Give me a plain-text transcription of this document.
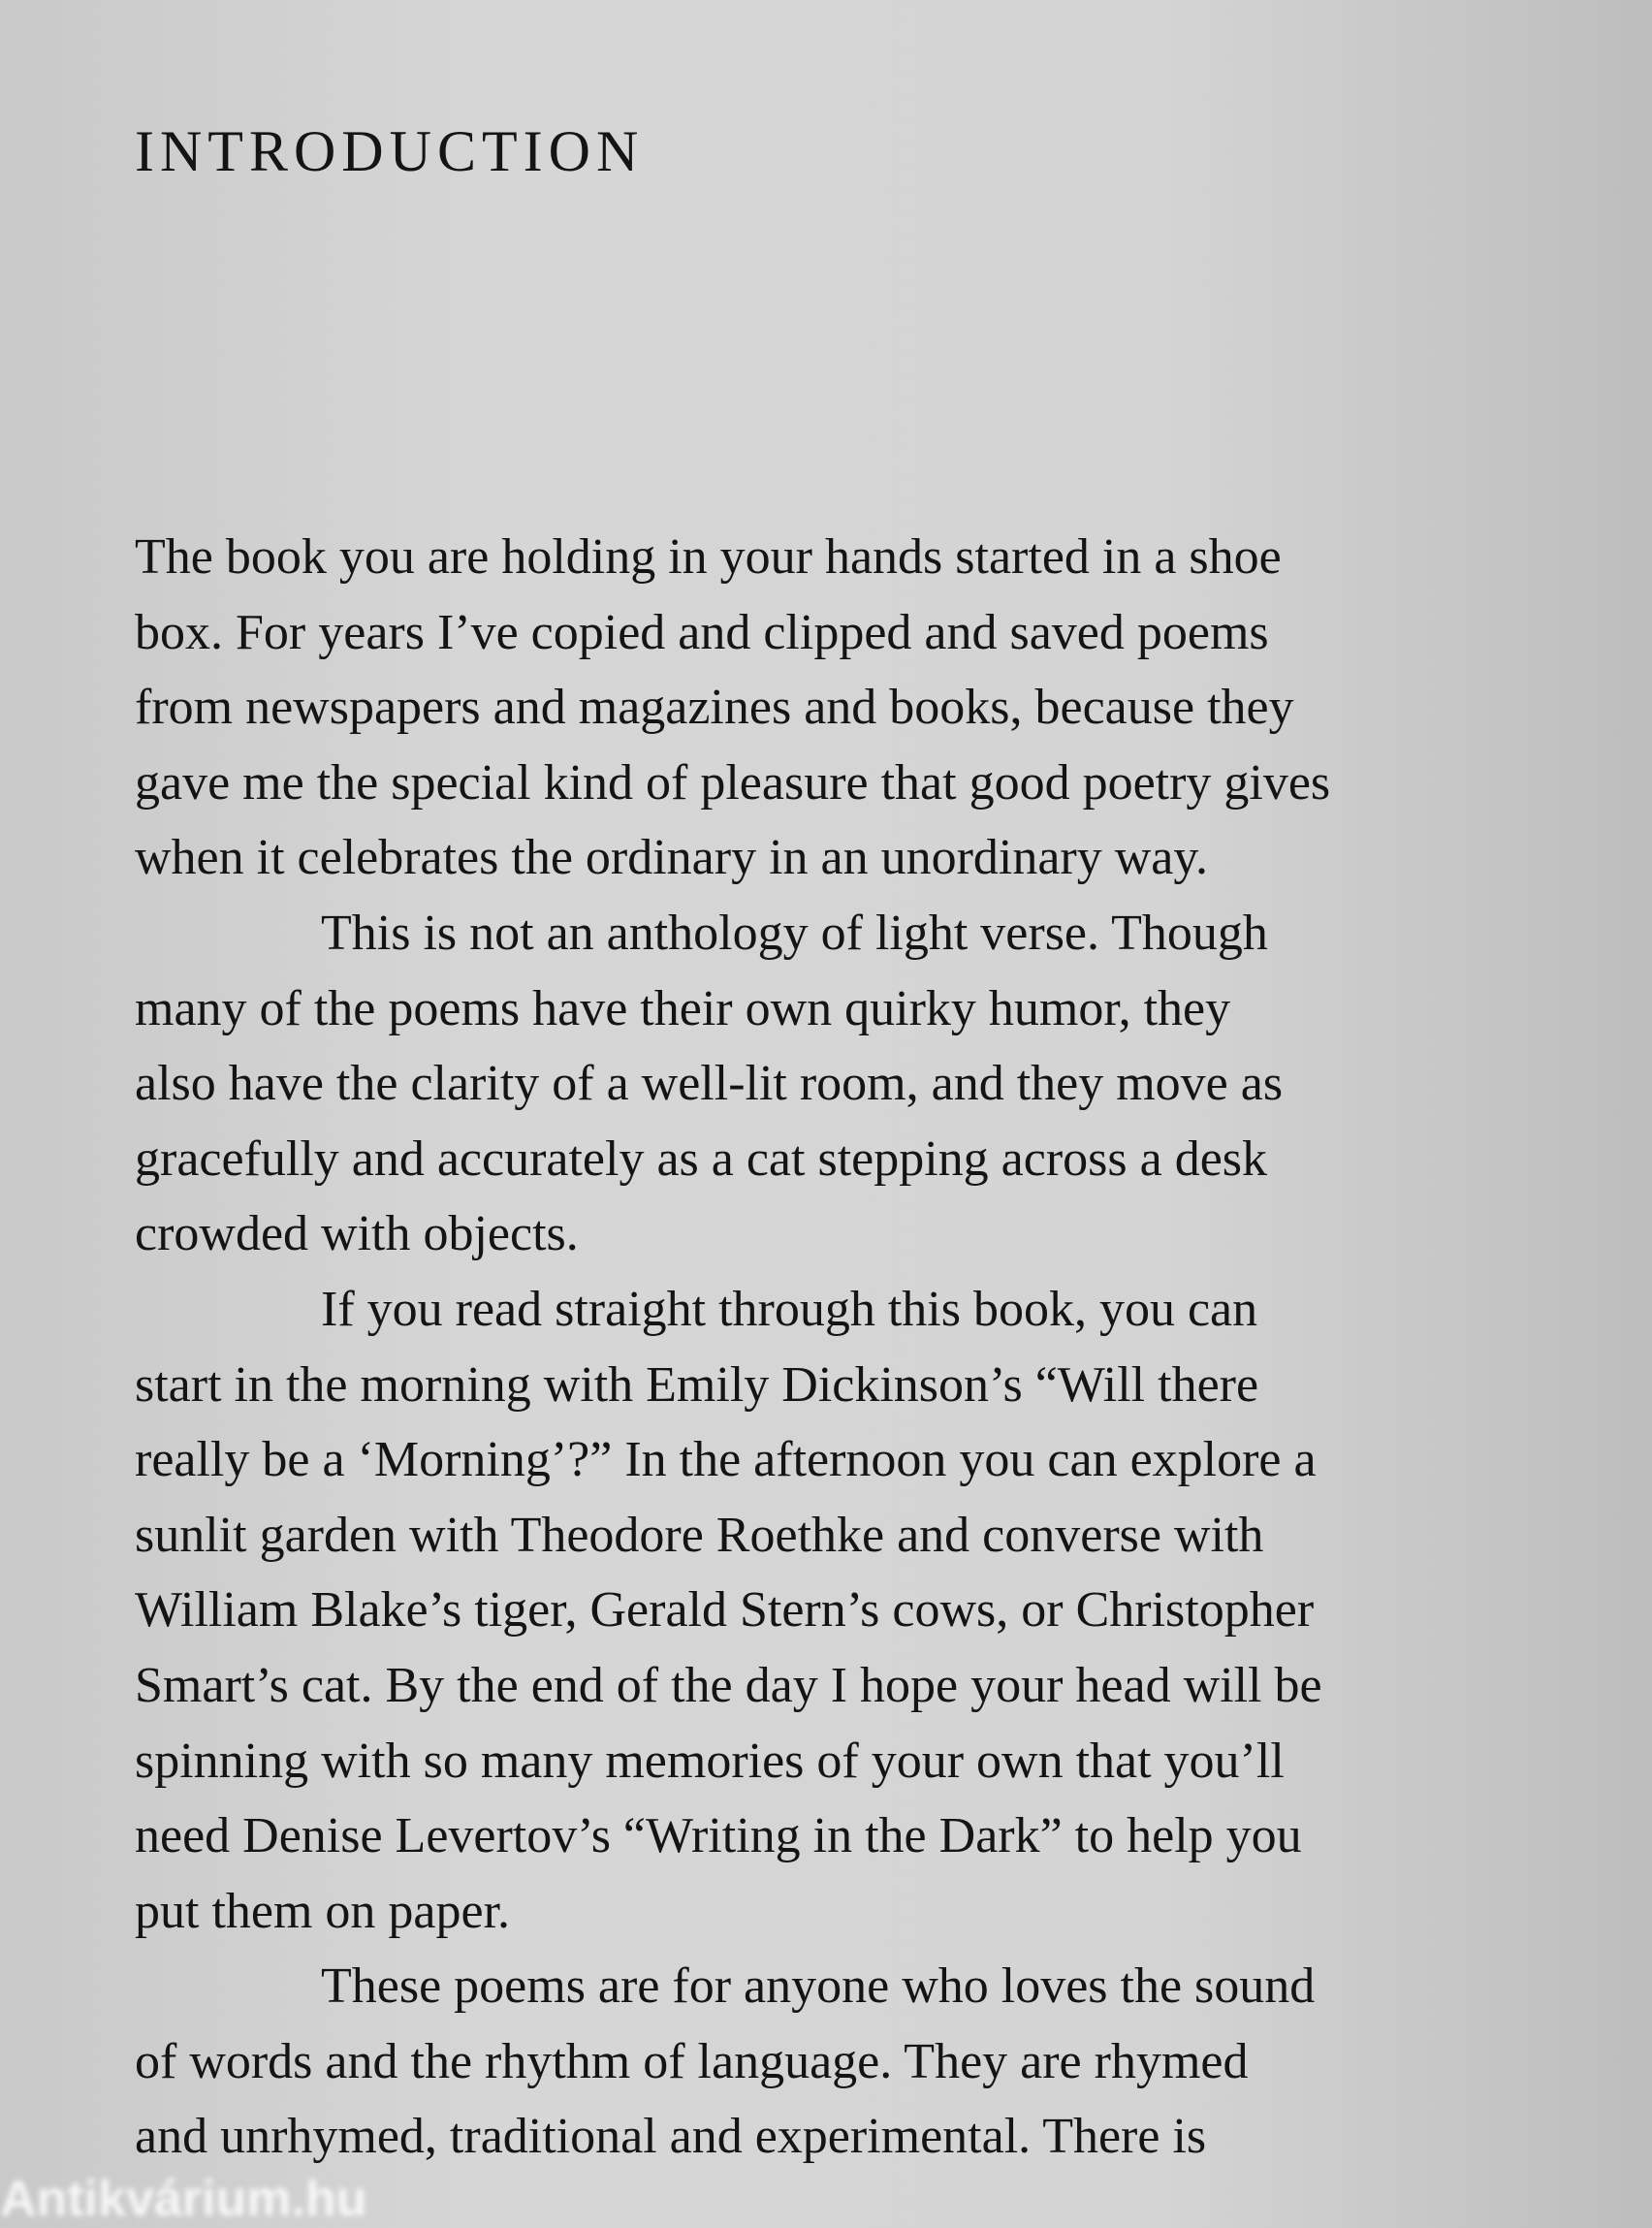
INTRODUCTION
The book you are holding in your hands started in a shoe
box. For years I’ve copied and clipped and saved poems
from newspapers and magazines and books, because they
gave me the special kind of pleasure that good poetry gives
when it celebrates the ordinary in an unordinary way.
This is not an anthology of light verse. Though
many of the poems have their own quirky humor, they
also have the clarity of a well-lit room, and they move as
gracefully and accurately as a cat stepping across a desk
crowded with objects.
If you read straight through this book, you can
start in the morning with Emily Dickinson’s “Will there
really be a ‘Morning’?” In the afternoon you can explore a
sunlit garden with Theodore Roethke and converse with
William Blake’s tiger, Gerald Stern’s cows, or Christopher
Smart’s cat. By the end of the day I hope your head will be
spinning with so many memories of your own that you’ll
need Denise Levertov’s “Writing in the Dark” to help you
put them on paper.
These poems are for anyone who loves the sound
of words and the rhythm of language. They are rhymed
and unrhymed, traditional and experimental. There is
Antikvárium.hu
